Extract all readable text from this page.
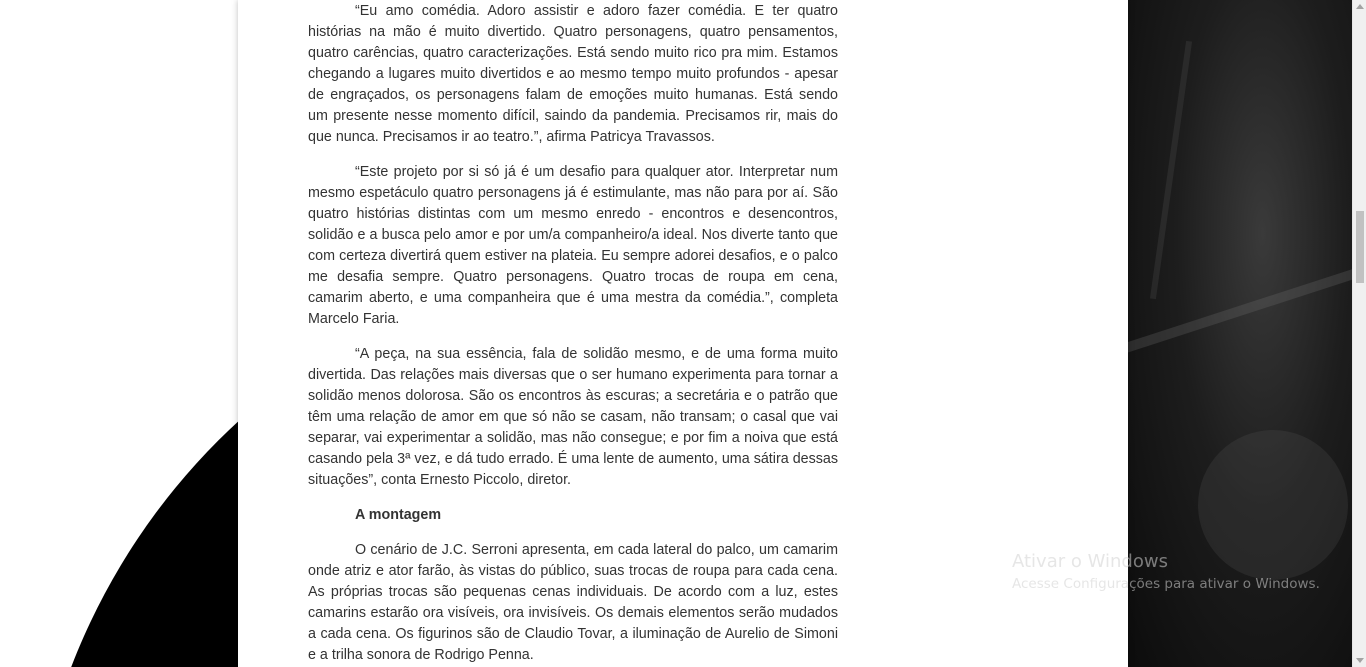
“Eu amo comédia. Adoro assistir e adoro fazer comédia. E ter quatro histórias na mão é muito divertido. Quatro personagens, quatro pensamentos, quatro carências, quatro caracterizações. Está sendo muito rico pra mim. Estamos chegando a lugares muito divertidos e ao mesmo tempo muito profundos - apesar de engraçados, os personagens falam de emoções muito humanas. Está sendo um presente nesse momento difícil, saindo da pandemia. Precisamos rir, mais do que nunca. Precisamos ir ao teatro.”, afirma Patricya Travassos.

“Este projeto por si só já é um desafio para qualquer ator. Interpretar num mesmo espetáculo quatro personagens já é estimulante, mas não para por aí. São quatro histórias distintas com um mesmo enredo - encontros e desencontros, solidão e a busca pelo amor e por um/a companheiro/a ideal. Nos diverte tanto que com certeza divertirá quem estiver na plateia. Eu sempre adorei desafios, e o palco me desafia sempre. Quatro personagens. Quatro trocas de roupa em cena, camarim aberto, e uma companheira que é uma mestra da comédia.”, completa Marcelo Faria.

“A peça, na sua essência, fala de solidão mesmo, e de uma forma muito divertida. Das relações mais diversas que o ser humano experimenta para tornar a solidão menos dolorosa. São os encontros às escuras; a secretária e o patrão que têm uma relação de amor em que só não se casam, não transam; o casal que vai separar, vai experimentar a solidão, mas não consegue; e por fim a noiva que está casando pela 3ª vez, e dá tudo errado. É uma lente de aumento, uma sátira dessas situações”, conta Ernesto Piccolo, diretor.

A montagem

O cenário de J.C. Serroni apresenta, em cada lateral do palco, um camarim onde atriz e ator farão, às vistas do público, suas trocas de roupa para cada cena. As próprias trocas são pequenas cenas individuais. De acordo com a luz, estes camarins estarão ora visíveis, ora invisíveis. Os demais elementos serão mudados a cada cena. Os figurinos são de Claudio Tovar, a iluminação de Aurelio de Simoni e a trilha sonora de Rodrigo Penna.

Ativar o Windows
Acesse Configurações para ativar o Windows.
